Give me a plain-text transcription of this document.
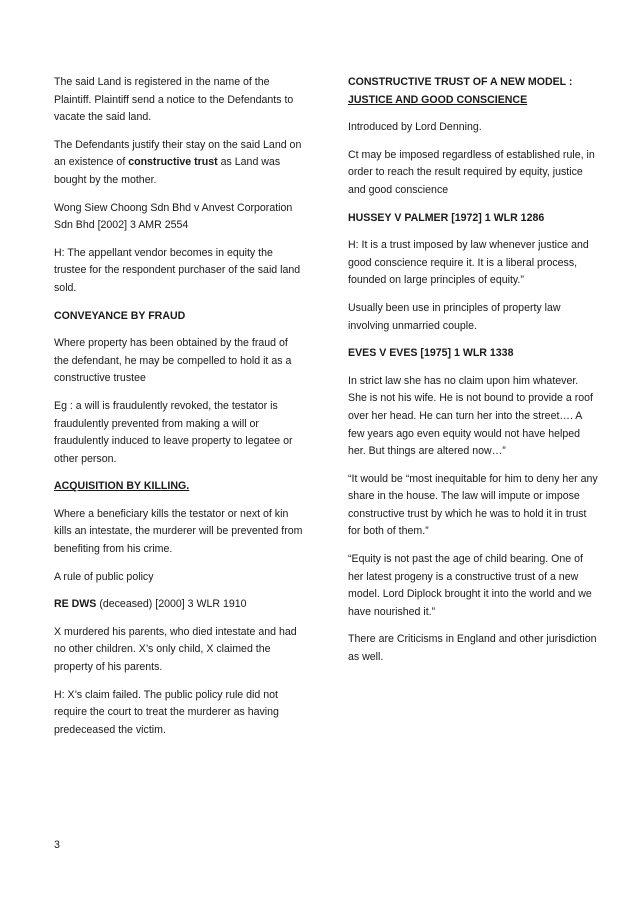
The said Land is registered in the name of the Plaintiff. Plaintiff send a notice to the Defendants to vacate the said land.

The Defendants justify their stay on the said Land on an existence of constructive trust as Land was bought by the mother.

Wong Siew Choong Sdn Bhd v Anvest Corporation Sdn Bhd [2002] 3 AMR 2554

H: The appellant vendor becomes in equity the trustee for the respondent purchaser of the said land sold.

CONVEYANCE BY FRAUD

Where property has been obtained by the fraud of the defendant, he may be compelled to hold it as a constructive trustee

Eg : a will is fraudulently revoked, the testator is fraudulently prevented from making a will or fraudulently induced to leave property to legatee or other person.

ACQUISITION BY KILLING.

Where a beneficiary kills the testator or next of kin kills an intestate, the murderer will be prevented from benefiting from his crime.

A rule of public policy

RE DWS (deceased) [2000] 3 WLR 1910

X murdered his parents, who died intestate and had no other children. X’s only child, X claimed the property of his parents.

H: X’s claim failed. The public policy rule did not require the court to treat the murderer as having predeceased the victim.

CONSTRUCTIVE TRUST OF A NEW MODEL :
JUSTICE AND GOOD CONSCIENCE

Introduced by Lord Denning.

Ct may be imposed regardless of established rule, in order to reach the result required by equity, justice and good conscience

HUSSEY V PALMER [1972] 1 WLR 1286

H: It is a trust imposed by law whenever justice and good conscience require it. It is a liberal process, founded on large principles of equity.”

Usually been use in principles of property law involving unmarried couple.

EVES V EVES [1975] 1 WLR 1338

In strict law she has no claim upon him whatever. She is not his wife. He is not bound to provide a roof over her head. He can turn her into the street…. A few years ago even equity would not have helped her. But things are altered now…”

“It would be “most inequitable for him to deny her any share in the house. The law will impute or impose constructive trust by which he was to hold it in trust for both of them.”

“Equity is not past the age of child bearing. One of her latest progeny is a constructive trust of a new model. Lord Diplock brought it into the world and we have nourished it.”

There are Criticisms in England and other jurisdiction as well.

3
